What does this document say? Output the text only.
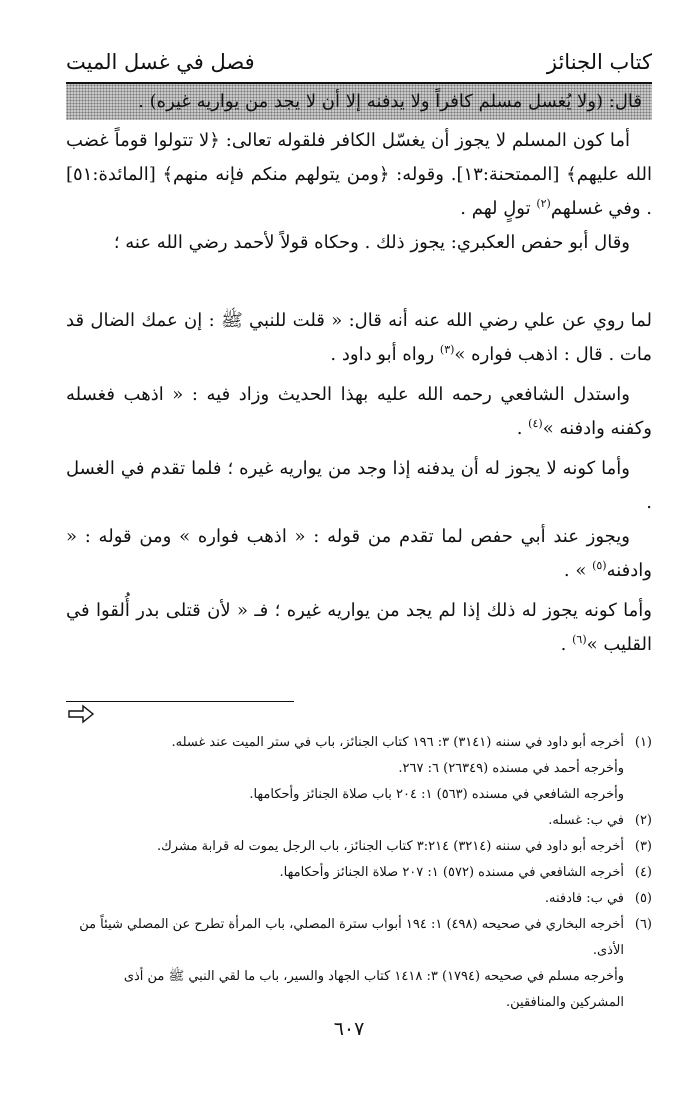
كتاب الجنائز
فصل في غسل الميت
قال: (ولا يُغسل مسلم كافراً ولا يدفنه إلا أن لا يجد من يواريه غيره) .

أما كون المسلم لا يجوز أن يغسّل الكافر فلقوله تعالى: ﴿لا تتولوا قوماً غضب الله عليهم﴾ [الممتحنة:١٣]. وقوله: ﴿ومن يتولهم منكم فإنه منهم﴾ [المائدة:٥١] . وفي غسلهم$^{(٢)}$ تولٍ لهم .

وقال أبو حفص العكبري: يجوز ذلك . وحكاه قولاً لأحمد رضي الله عنه ؛

لما روي عن علي رضي الله عنه أنه قال: « قلت للنبي ﷺ : إن عمك الضال قد مات . قال : اذهب فواره »$^{(٣)}$ رواه أبو داود .

واستدل الشافعي رحمه الله عليه بهذا الحديث وزاد فيه : « اذهب فغسله وكفنه وادفنه »$^{(٤)}$ .

وأما كونه لا يجوز له أن يدفنه إذا وجد من يواريه غيره ؛ فلما تقدم في الغسل .

ويجوز عند أبي حفص لما تقدم من قوله : « اذهب فواره » ومن قوله : « وادفنه$^{(٥)}$ » .

وأما كونه يجوز له ذلك إذا لم يجد من يواريه غيره ؛ فـ « لأن قتلى بدر أُلقوا في القليب »$^{(٦)}$ .

(١)
أخرجه أبو داود في سننه (٣١٤١) ٣: ١٩٦ كتاب الجنائز، باب في ستر الميت عند غسله.
وأخرجه أحمد في مسنده (٢٦٣٤٩) ٦: ٢٦٧.
وأخرجه الشافعي في مسنده (٥٦٣) ١: ٢٠٤ باب صلاة الجنائز وأحكامها.
(٢)
في ب: غسله.
(٣)
أخرجه أبو داود في سننه (٣٢١٤) ٣:٢١٤ كتاب الجنائز، باب الرجل يموت له قرابة مشرك.
(٤)
أخرجه الشافعي في مسنده (٥٧٢) ١: ٢٠٧ صلاة الجنائز وأحكامها.
(٥)
في ب: فادفنه.
(٦)
أخرجه البخاري في صحيحه (٤٩٨) ١: ١٩٤ أبواب سترة المصلي، باب المرأة تطرح عن المصلي شيئاً من الأذى.
وأخرجه مسلم في صحيحه (١٧٩٤) ٣: ١٤١٨ كتاب الجهاد والسير، باب ما لقي النبي ﷺ من أذى المشركين والمنافقين.
٦٠٧
